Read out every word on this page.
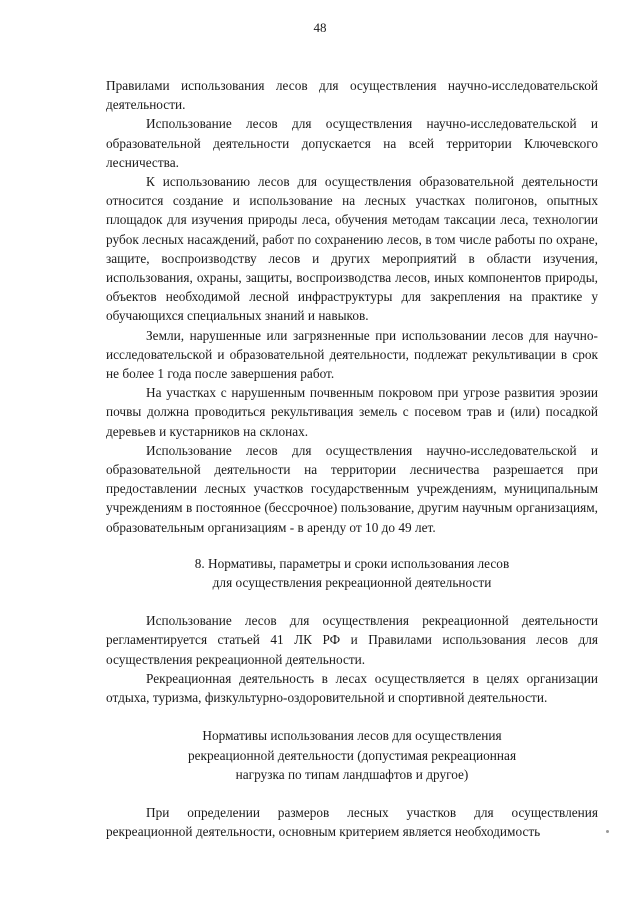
48

Правилами использования лесов для осуществления научно-исследовательской деятельности.

Использование лесов для осуществления научно-исследовательской и образовательной деятельности допускается на всей территории Ключевского лесничества.

К использованию лесов для осуществления образовательной деятельности относится создание и использование на лесных участках полигонов, опытных площадок для изучения природы леса, обучения методам таксации леса, технологии рубок лесных насаждений, работ по сохранению лесов, в том числе работы по охране, защите, воспроизводству лесов и других мероприятий в области изучения, использования, охраны, защиты, воспроизводства лесов, иных компонентов природы, объектов необходимой лесной инфраструктуры для закрепления на практике у обучающихся специальных знаний и навыков.

Земли, нарушенные или загрязненные при использовании лесов для научно-исследовательской и образовательной деятельности, подлежат рекультивации в срок не более 1 года после завершения работ.

На участках с нарушенным почвенным покровом при угрозе развития эрозии почвы должна проводиться рекультивация земель с посевом трав и (или) посадкой деревьев и кустарников на склонах.

Использование лесов для осуществления научно-исследовательской и образовательной деятельности на территории лесничества разрешается при предоставлении лесных участков государственным учреждениям, муниципальным учреждениям в постоянное (бессрочное) пользование, другим научным организациям, образовательным организациям - в аренду от 10 до 49 лет.

8. Нормативы, параметры и сроки использования лесов
для осуществления рекреационной деятельности

Использование лесов для осуществления рекреационной деятельности регламентируется статьей 41 ЛК РФ и Правилами использования лесов для осуществления рекреационной деятельности.

Рекреационная деятельность в лесах осуществляется в целях организации отдыха, туризма, физкультурно-оздоровительной и спортивной деятельности.

Нормативы использования лесов для осуществления
рекреационной деятельности (допустимая рекреационная
нагрузка по типам ландшафтов и другое)

При определении размеров лесных участков для осуществления рекреационной деятельности, основным критерием является необходимость
